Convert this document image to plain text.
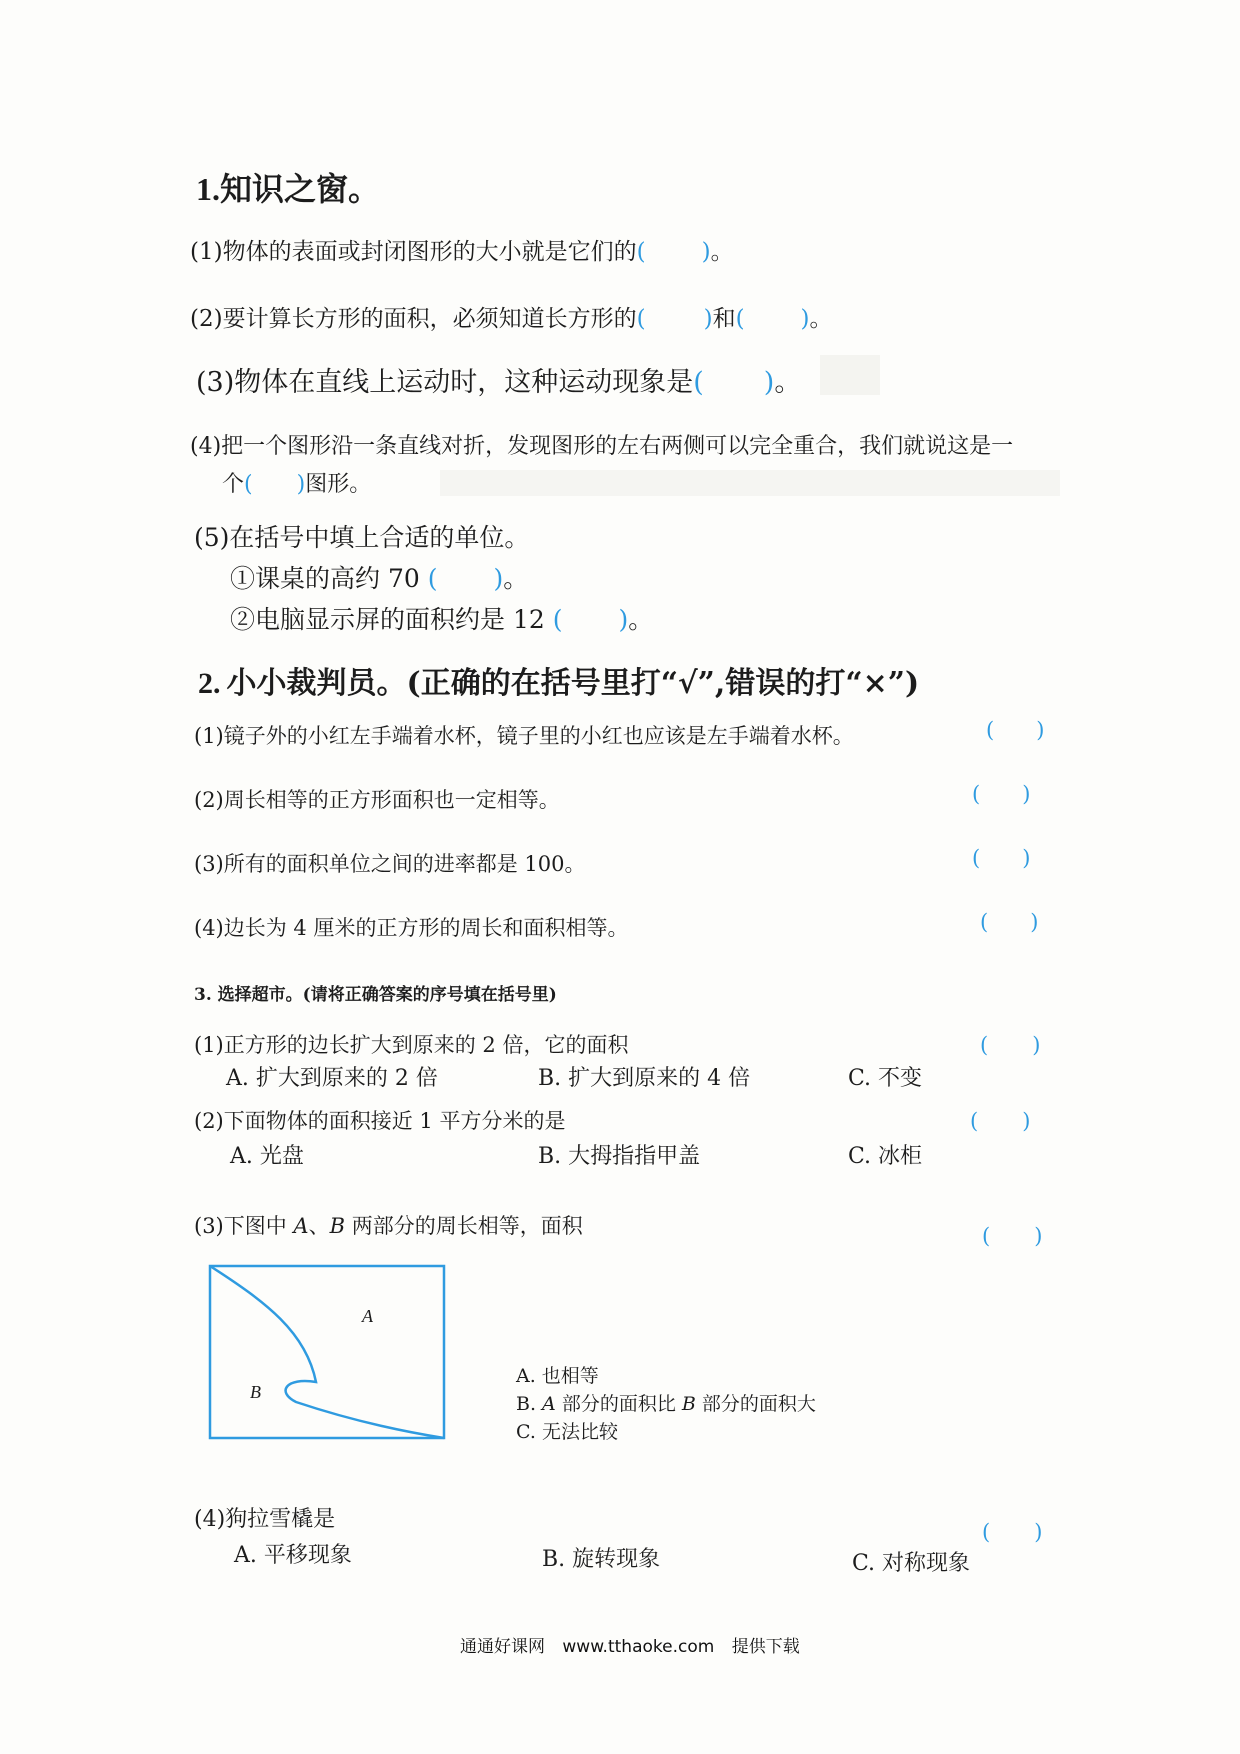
1.知识之窗。
(1)物体的表面或封闭图形的大小就是它们的( )。
(2)要计算长方形的面积，必须知道长方形的(	)和( )。
(3)物体在直线上运动时，这种运动现象是( )。
(4)把一个图形沿一条直线对折，发现图形的左右两侧可以完全重合，我们就说这是一
个( )图形。
(5)在括号中填上合适的单位。
①课桌的高约 70 ( )。
②电脑显示屏的面积约是 12 ( )。
2. 小小裁判员。(正确的在括号里打“√”,错误的打“×”)
(1)镜子外的小红左手端着水杯，镜子里的小红也应该是左手端着水杯。	( )
(2)周长相等的正方形面积也一定相等。	( )
(3)所有的面积单位之间的进率都是 100。	( )
(4)边长为 4 厘米的正方形的周长和面积相等。	( )
3. 选择超市。(请将正确答案的序号填在括号里)
(1)正方形的边长扩大到原来的 2 倍，它的面积	( )
A. 扩大到原来的 2 倍	B. 扩大到原来的 4 倍	C. 不变
(2)下面物体的面积接近 1 平方分米的是	( )
A. 光盘	B. 大拇指指甲盖	C. 冰柜
(3)下图中 A、B 两部分的周长相等，面积	( )
A
B
A. 也相等
B. A 部分的面积比 B 部分的面积大
C. 无法比较
(4)狗拉雪橇是	( )
A. 平移现象	B. 旋转现象	C. 对称现象
通通好课网 www.tthaoke.com 提供下载
